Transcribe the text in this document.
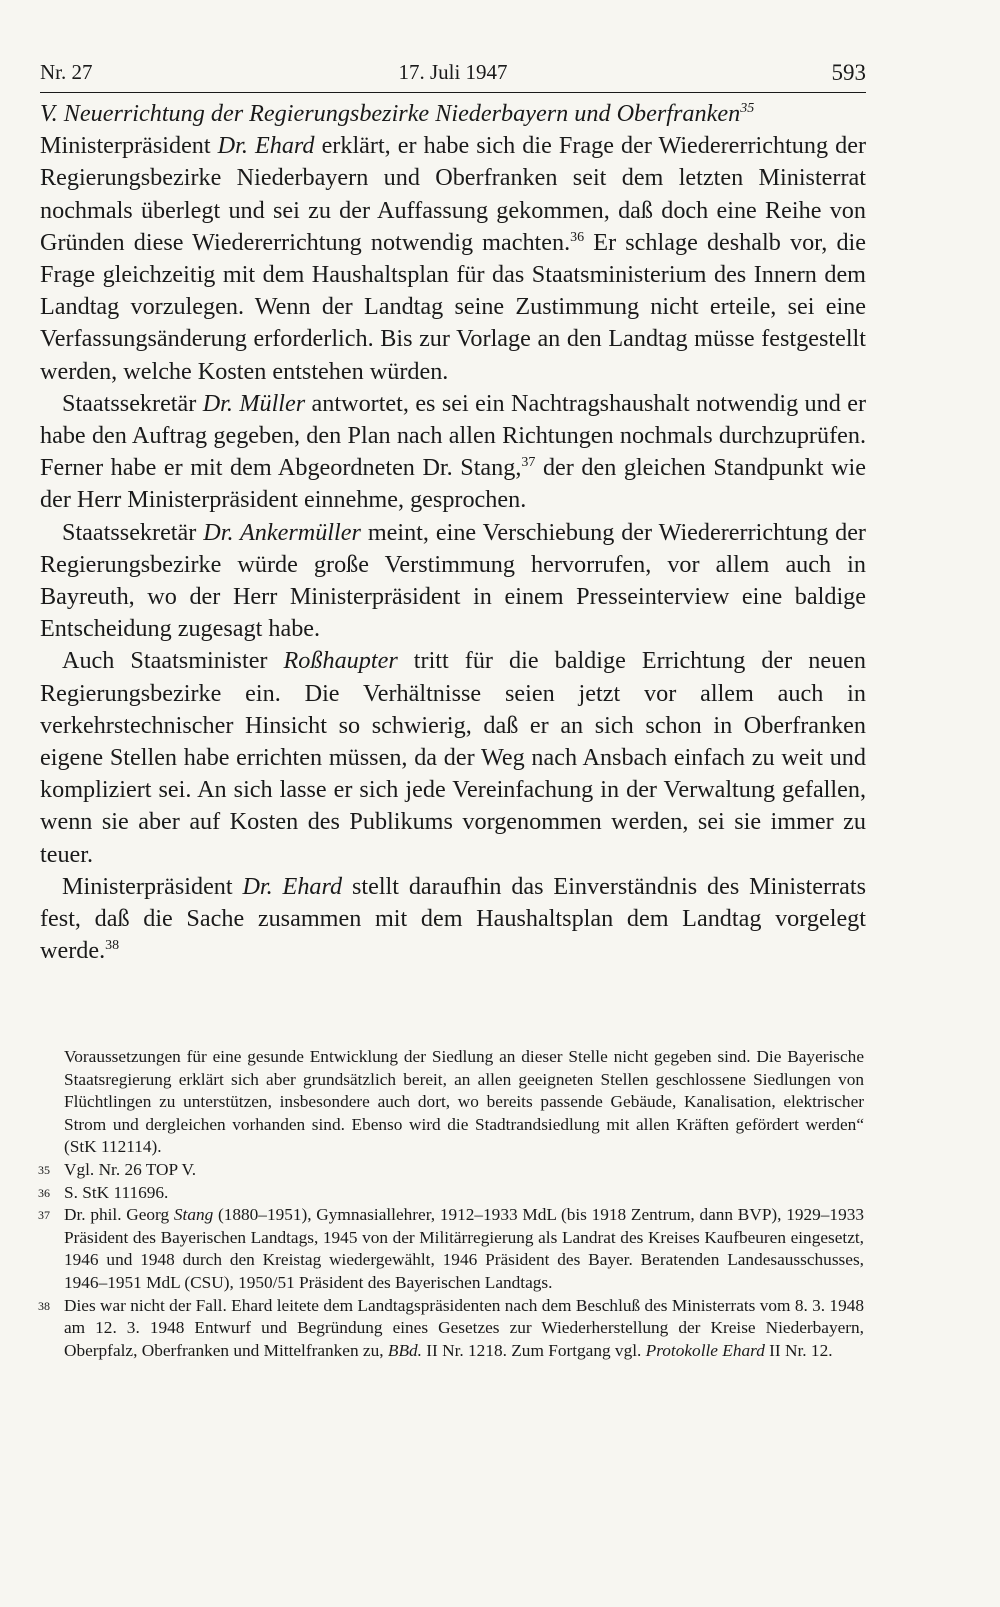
Nr. 27	17. Juli 1947	593

V. Neuerrichtung der Regierungsbezirke Niederbayern und Oberfranken$^{35}$

Ministerpräsident Dr. Ehard erklärt, er habe sich die Frage der Wiedererrichtung der Regierungsbezirke Niederbayern und Oberfranken seit dem letzten Ministerrat nochmals überlegt und sei zu der Auffassung gekommen, daß doch eine Reihe von Gründen diese Wiedererrichtung notwendig machten.$^{36}$ Er schlage deshalb vor, die Frage gleichzeitig mit dem Haushaltsplan für das Staatsministerium des Innern dem Landtag vorzulegen. Wenn der Landtag seine Zustimmung nicht erteile, sei eine Verfassungsänderung erforderlich. Bis zur Vorlage an den Landtag müsse festgestellt werden, welche Kosten entstehen würden.

Staatssekretär Dr. Müller antwortet, es sei ein Nachtragshaushalt notwendig und er habe den Auftrag gegeben, den Plan nach allen Richtungen nochmals durchzuprüfen. Ferner habe er mit dem Abgeordneten Dr. Stang,$^{37}$ der den gleichen Standpunkt wie der Herr Ministerpräsident einnehme, gesprochen.

Staatssekretär Dr. Ankermüller meint, eine Verschiebung der Wiedererrichtung der Regierungsbezirke würde große Verstimmung hervorrufen, vor allem auch in Bayreuth, wo der Herr Ministerpräsident in einem Presseinterview eine baldige Entscheidung zugesagt habe.

Auch Staatsminister Roßhaupter tritt für die baldige Errichtung der neuen Regierungsbezirke ein. Die Verhältnisse seien jetzt vor allem auch in verkehrstechnischer Hinsicht so schwierig, daß er an sich schon in Oberfranken eigene Stellen habe errichten müssen, da der Weg nach Ansbach einfach zu weit und kompliziert sei. An sich lasse er sich jede Vereinfachung in der Verwaltung gefallen, wenn sie aber auf Kosten des Publikums vorgenommen werden, sei sie immer zu teuer.

Ministerpräsident Dr. Ehard stellt daraufhin das Einverständnis des Ministerrats fest, daß die Sache zusammen mit dem Haushaltsplan dem Landtag vorgelegt werde.$^{38}$

Voraussetzungen für eine gesunde Entwicklung der Siedlung an dieser Stelle nicht gegeben sind. Die Bayerische Staatsregierung erklärt sich aber grundsätzlich bereit, an allen geeigneten Stellen geschlossene Siedlungen von Flüchtlingen zu unterstützen, insbesondere auch dort, wo bereits passende Gebäude, Kanalisation, elektrischer Strom und dergleichen vorhanden sind. Ebenso wird die Stadtrandsiedlung mit allen Kräften gefördert werden“ (StK 112114).

35 Vgl. Nr. 26 TOP V.

36 S. StK 111696.

37 Dr. phil. Georg Stang (1880–1951), Gymnasiallehrer, 1912–1933 MdL (bis 1918 Zentrum, dann BVP), 1929–1933 Präsident des Bayerischen Landtags, 1945 von der Militärregierung als Landrat des Kreises Kaufbeuren eingesetzt, 1946 und 1948 durch den Kreistag wiedergewählt, 1946 Präsident des Bayer. Beratenden Landesausschusses, 1946–1951 MdL (CSU), 1950/51 Präsident des Bayerischen Landtags.

38 Dies war nicht der Fall. Ehard leitete dem Landtagspräsidenten nach dem Beschluß des Ministerrats vom 8. 3. 1948 am 12. 3. 1948 Entwurf und Begründung eines Gesetzes zur Wiederherstellung der Kreise Niederbayern, Oberpfalz, Oberfranken und Mittelfranken zu, BBd. II Nr. 1218. Zum Fortgang vgl. Protokolle Ehard II Nr. 12.
